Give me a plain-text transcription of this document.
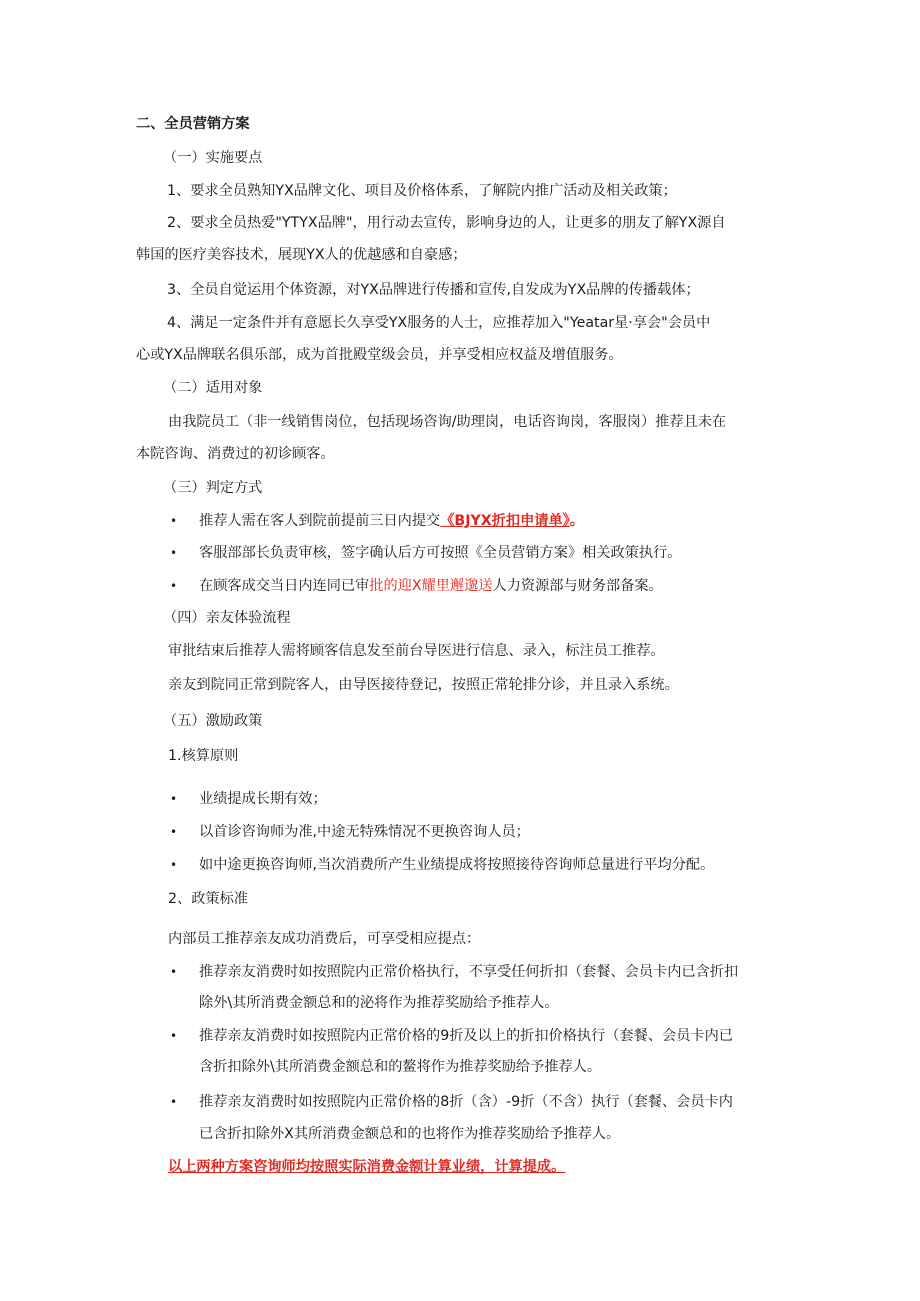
二、全员营销方案
（一）实施要点
1、要求全员熟知YX品牌文化、项目及价格体系，了解院内推广活动及相关政策；
2、要求全员热爱"YTYX品牌"，用行动去宣传，影响身边的人，让更多的朋友了解YX源自
韩国的医疗美容技术，展现YX人的优越感和自豪感；
3、全员自觉运用个体资源，对YX品牌进行传播和宣传,自发成为YX品牌的传播载体；
4、满足一定条件并有意愿长久享受YX服务的人士，应推荐加入"Yeatar星·享会"会员中
心或YX品牌联名俱乐部，成为首批殿堂级会员，并享受相应权益及增值服务。
（二）适用对象
由我院员工（非一线销售岗位，包括现场咨询/助理岗，电话咨询岗，客服岗）推荐且未在
本院咨询、消费过的初诊顾客。
（三）判定方式
• 推荐人需在客人到院前提前三日内提交《BJYX折扣申请单》。
• 客服部部长负责审核，签字确认后方可按照《全员营销方案》相关政策执行。
• 在顾客成交当日内连同已审批的迎X耀里邂邈送人力资源部与财务部备案。
（四）亲友体验流程
审批结束后推荐人需将顾客信息发至前台导医进行信息、录入，标注员工推荐。
亲友到院同正常到院客人，由导医接待登记，按照正常轮排分诊，并且录入系统。
（五）激励政策
1.核算原则
• 业绩提成长期有效；
• 以首诊咨询师为准,中途无特殊情况不更换咨询人员；
• 如中途更换咨询师,当次消费所产生业绩提成将按照接待咨询师总量进行平均分配。
2、政策标准
内部员工推荐亲友成功消费后，可享受相应提点：
• 推荐亲友消费时如按照院内正常价格执行，不享受任何折扣（套餐、会员卡内已含折扣
除外\其所消费金额总和的泌将作为推荐奖励给予推荐人。
• 推荐亲友消费时如按照院内正常价格的9折及以上的折扣价格执行（套餐、会员卡内已
含折扣除外\其所消费金额总和的鳌将作为推荐奖励给予推荐人。
• 推荐亲友消费时如按照院内正常价格的8折（含）-9折（不含）执行（套餐、会员卡内
已含折扣除外X其所消费金额总和的也将作为推荐奖励给予推荐人。
以上两种方案咨询师均按照实际消费金额计算业绩，计算提成。
